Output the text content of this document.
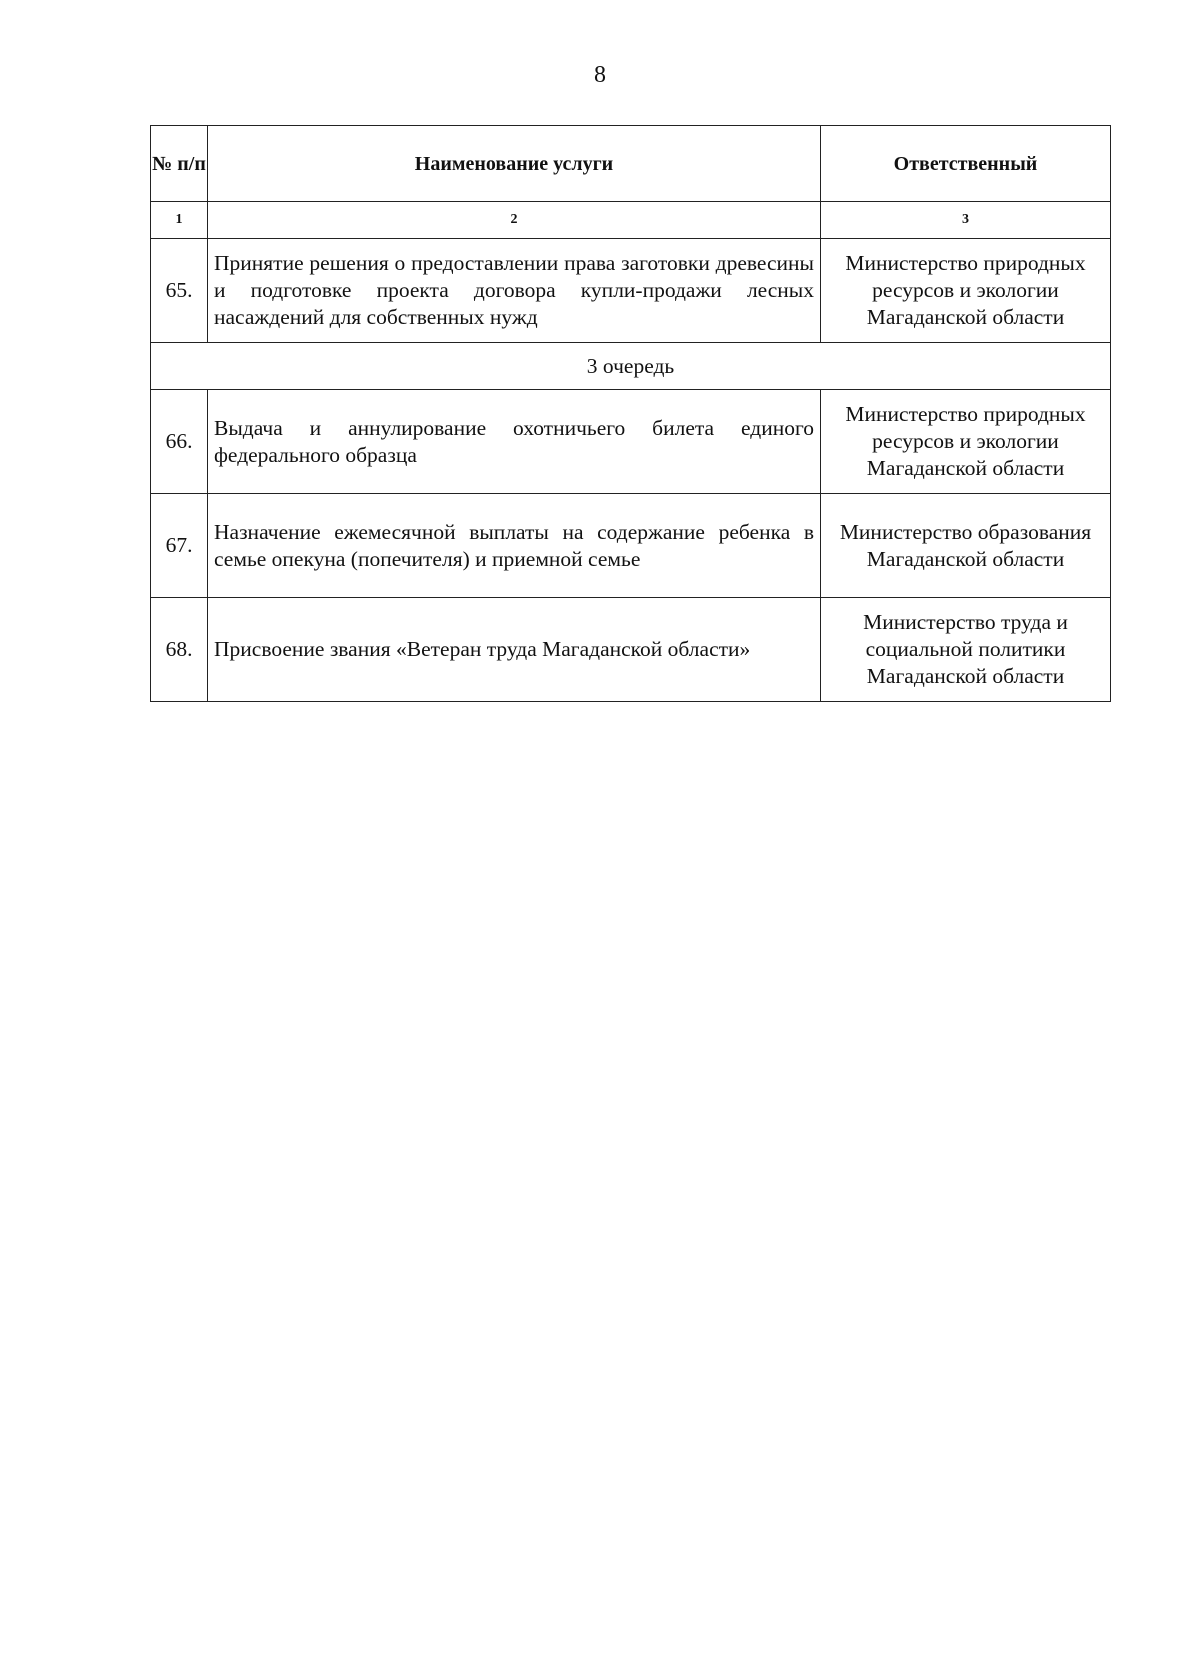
8
№ п/п	Наименование услуги	Ответственный
1	2	3
65.	Принятие решения о предоставлении права заготовки древесины и подготовке проекта договора купли-продажи лесных насаждений для собственных нужд	Министерство природных ресурсов и экологии Магаданской области
3 очередь		
66.	Выдача и аннулирование охотничьего билета единого федерального образца	Министерство природных ресурсов и экологии Магаданской области
67.	Назначение ежемесячной выплаты на содержание ребенка в семье опекуна (попечителя) и приемной семье	Министерство образования Магаданской области
68.	Присвоение звания «Ветеран труда Магаданской области»	Министерство труда и социальной политики Магаданской области
